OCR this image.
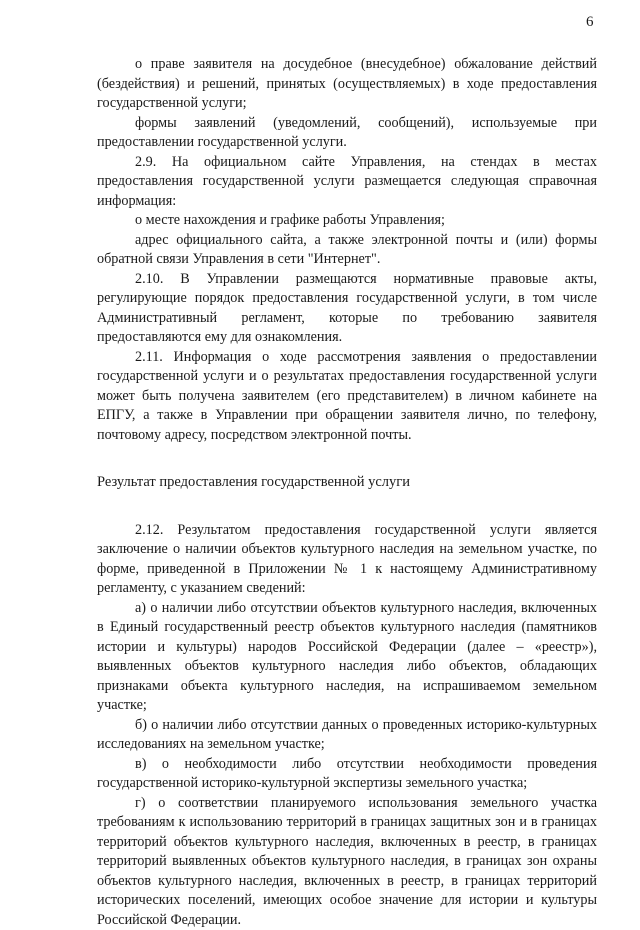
6

о праве заявителя на досудебное (внесудебное) обжалование действий (бездействия) и решений, принятых (осуществляемых) в ходе предоставления государственной услуги;

формы заявлений (уведомлений, сообщений), используемые при предоставлении государственной услуги.

2.9. На официальном сайте Управления, на стендах в местах предоставления государственной услуги размещается следующая справочная информация:

о месте нахождения и графике работы Управления;

адрес официального сайта, а также электронной почты и (или) формы обратной связи Управления в сети "Интернет".

2.10. В Управлении размещаются нормативные правовые акты, регулирующие порядок предоставления государственной услуги, в том числе Административный регламент, которые по требованию заявителя предоставляются ему для ознакомления.

2.11. Информация о ходе рассмотрения заявления о предоставлении государственной услуги и о результатах предоставления государственной услуги может быть получена заявителем (его представителем) в личном кабинете на ЕПГУ, а также в Управлении при обращении заявителя лично, по телефону, почтовому адресу, посредством электронной почты.

Результат предоставления государственной услуги

2.12. Результатом предоставления государственной услуги является заключение о наличии объектов культурного наследия на земельном участке, по форме, приведенной в Приложении № 1 к настоящему Административному регламенту, с указанием сведений:

а) о наличии либо отсутствии объектов культурного наследия, включенных в Единый государственный реестр объектов культурного наследия (памятников истории и культуры) народов Российской Федерации (далее – «реестр»), выявленных объектов культурного наследия либо объектов, обладающих признаками объекта культурного наследия, на испрашиваемом земельном участке;

б) о наличии либо отсутствии данных о проведенных историко-культурных исследованиях на земельном участке;

в) о необходимости либо отсутствии необходимости проведения государственной историко-культурной экспертизы земельного участка;

г) о соответствии планируемого использования земельного участка требованиям к использованию территорий в границах защитных зон и в границах территорий объектов культурного наследия, включенных в реестр, в границах территорий выявленных объектов культурного наследия, в границах зон охраны объектов культурного наследия, включенных в реестр, в границах территорий исторических поселений, имеющих особое значение для истории и культуры Российской Федерации.
